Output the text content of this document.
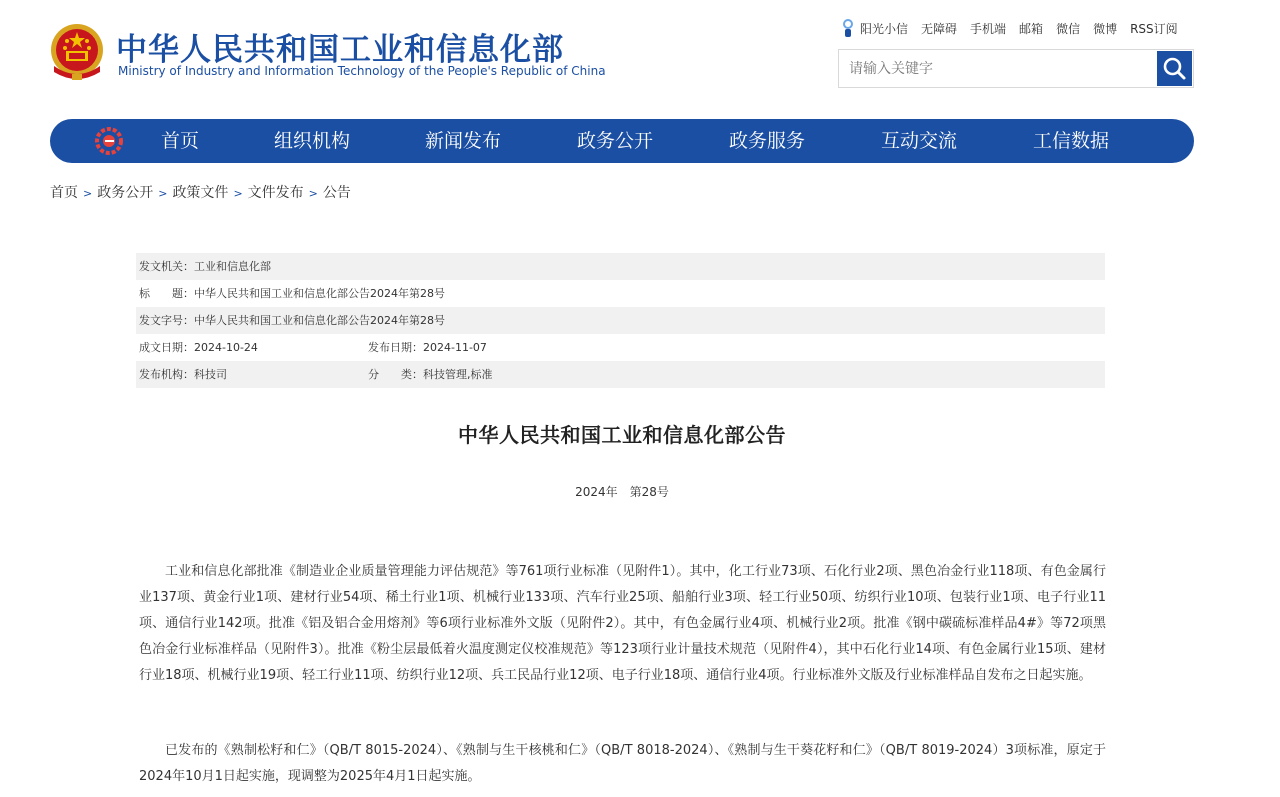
中华人民共和国工业和信息化部
Ministry of Industry and Information Technology of the People's Republic of China
阳光小信 无障碍 手机端 邮箱 微信 微博 RSS订阅
请输入关键字
首页	组织机构	新闻发布	政务公开	政务服务	互动交流	工信数据
首页 > 政务公开 > 政策文件 > 文件发布 > 公告
发文机关：工业和信息化部
标　　题：中华人民共和国工业和信息化部公告2024年第28号
发文字号：中华人民共和国工业和信息化部公告2024年第28号
成文日期：2024-10-24	发布日期：2024-11-07
发布机构：科技司	分　　类：科技管理,标准
中华人民共和国工业和信息化部公告
2024年　第28号
工业和信息化部批准《制造业企业质量管理能力评估规范》等761项行业标准（见附件1）。其中，化工行业73项、石化行业2项、黑色冶金行业118项、有色金属行业137项、黄金行业1项、建材行业54项、稀土行业1项、机械行业133项、汽车行业25项、船舶行业3项、轻工行业50项、纺织行业10项、包装行业1项、电子行业11项、通信行业142项。批准《铝及铝合金用熔剂》等6项行业标准外文版（见附件2）。其中，有色金属行业4项、机械行业2项。批准《钢中碳硫标准样品4#》等72项黑色冶金行业标准样品（见附件3）。批准《粉尘层最低着火温度测定仪校准规范》等123项行业计量技术规范（见附件4），其中石化行业14项、有色金属行业15项、建材行业18项、机械行业19项、轻工行业11项、纺织行业12项、兵工民品行业12项、电子行业18项、通信行业4项。行业标准外文版及行业标准样品自发布之日起实施。
已发布的《熟制松籽和仁》（QB/T 8015-2024）、《熟制与生干核桃和仁》（QB/T 8018-2024）、《熟制与生干葵花籽和仁》（QB/T 8019-2024）3项标准，原定于2024年10月1日起实施，现调整为2025年4月1日起实施。
